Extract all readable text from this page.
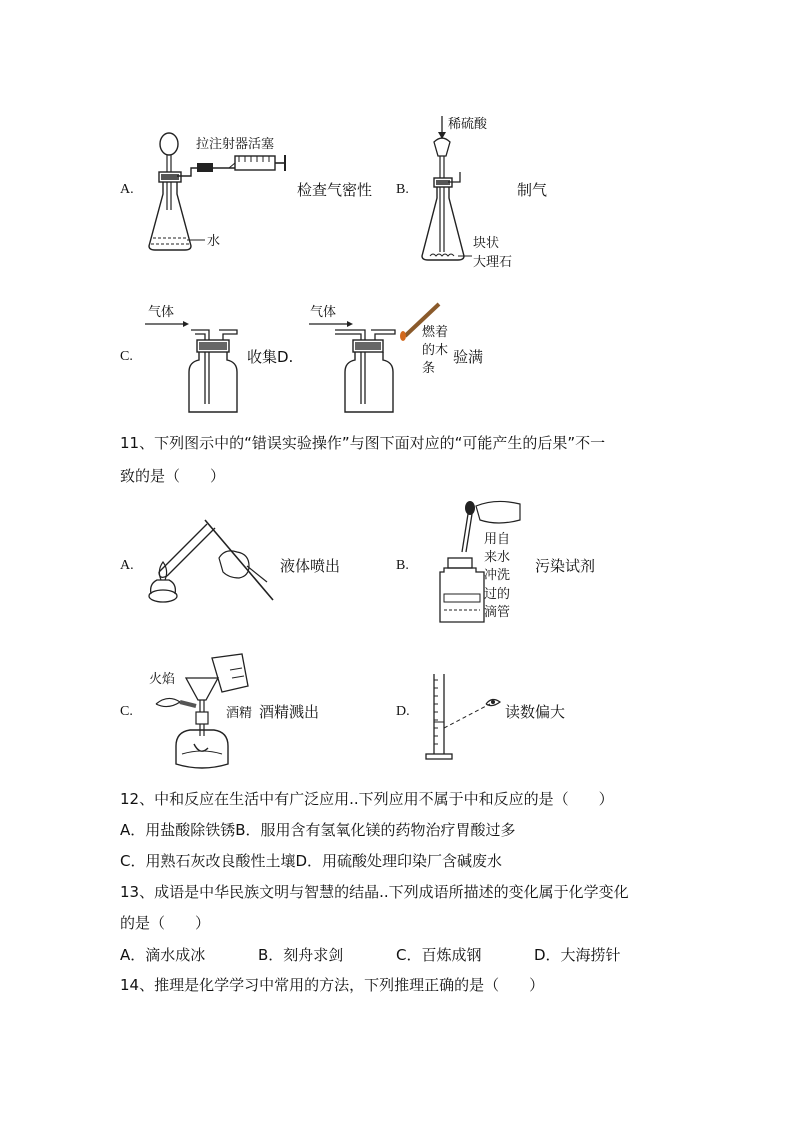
A.
拉注射器活塞
水
检查气密性 B.
稀硫酸
块状
大理石
制气
C.
气体
收集D.
气体
燃着
的木
条
验满
11、下列图示中的“错误实验操作”与图下面对应的“可能产生的后果”不一
致的是（　　）
A.	液体喷出	B.
用自
来水
冲洗
过的
滴管
污染试剂
C.
火焰
酒精 酒精溅出	D.	读数偏大
12、中和反应在生活中有广泛应用..下列应用不属于中和反应的是（　　）
A．用盐酸除铁锈B．服用含有氢氧化镁的药物治疗胃酸过多
C．用熟石灰改良酸性土壤D．用硫酸处理印染厂含碱废水
13、成语是中华民族文明与智慧的结晶..下列成语所描述的变化属于化学变化
的是（　　）
A．滴水成冰	B．刻舟求剑	C．百炼成钢	D．大海捞针
14、推理是化学学习中常用的方法，下列推理正确的是（　　）
